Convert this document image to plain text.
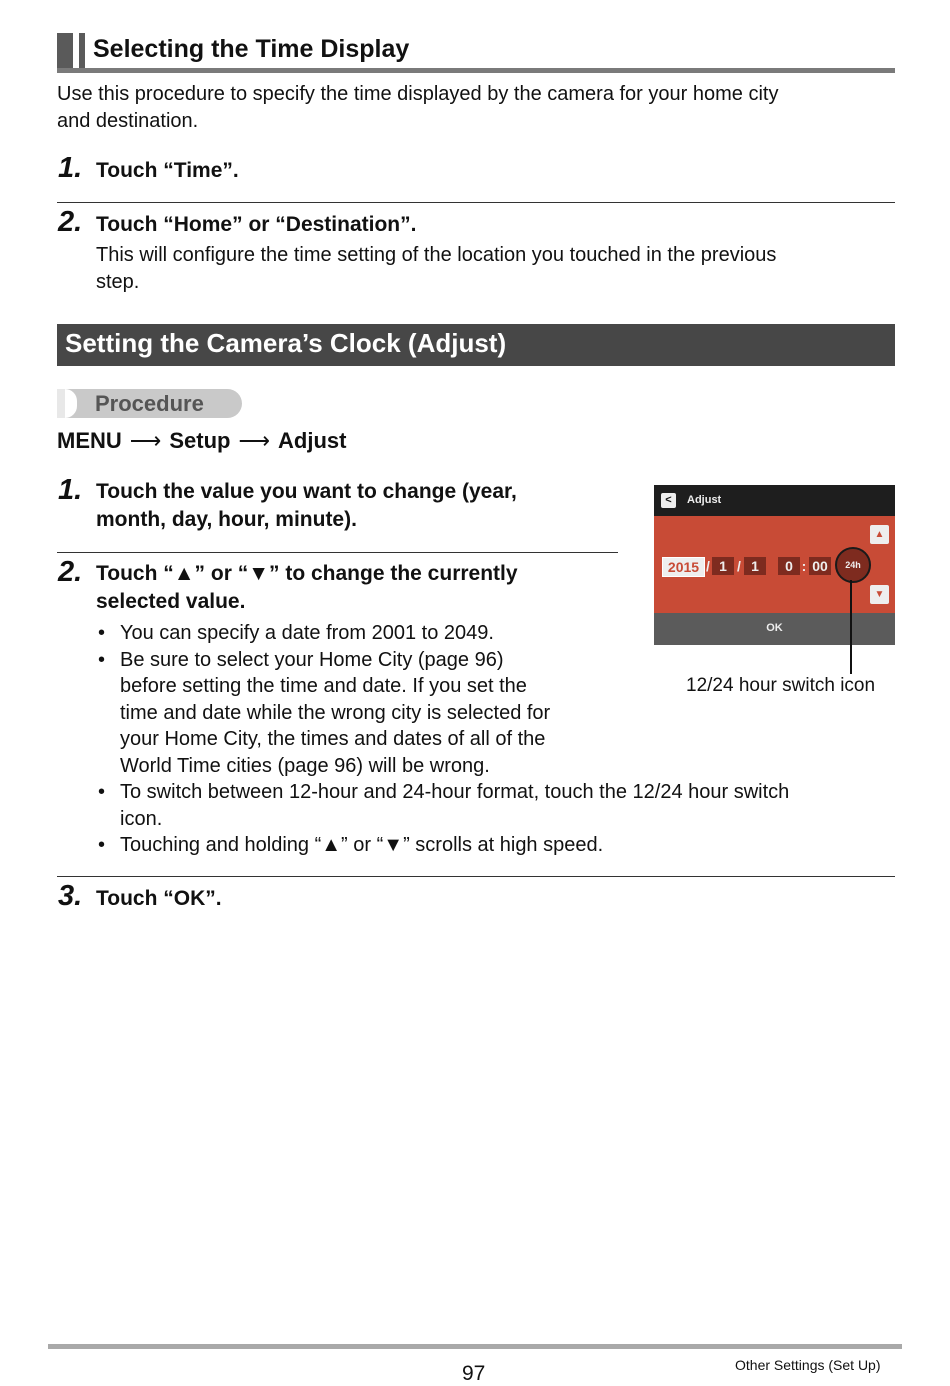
Selecting the Time Display
Use this procedure to specify the time displayed by the camera for your home city
and destination.
1. Touch “Time”.
2. Touch “Home” or “Destination”.
This will configure the time setting of the location you touched in the previous
step.
Setting the Camera’s Clock (Adjust)
Procedure
MENU ⟶ Setup ⟶ Adjust
1. Touch the value you want to change (year,
month, day, hour, minute).
2. Touch “▲” or “▼” to change the currently
selected value.
• You can specify a date from 2001 to 2049.
• Be sure to select your Home City (page 96)
before setting the time and date. If you set the
time and date while the wrong city is selected for
your Home City, the times and dates of all of the
World Time cities (page 96) will be wrong.
• To switch between 12-hour and 24-hour format, touch the 12/24 hour switch
icon.
• Touching and holding “▲” or “▼” scrolls at high speed.
3. Touch “OK”.
<	Adjust
▲
▼
2015 / 1 / 1	0 : 00	24h
OK
12/24 hour switch icon
97	Other Settings (Set Up)
